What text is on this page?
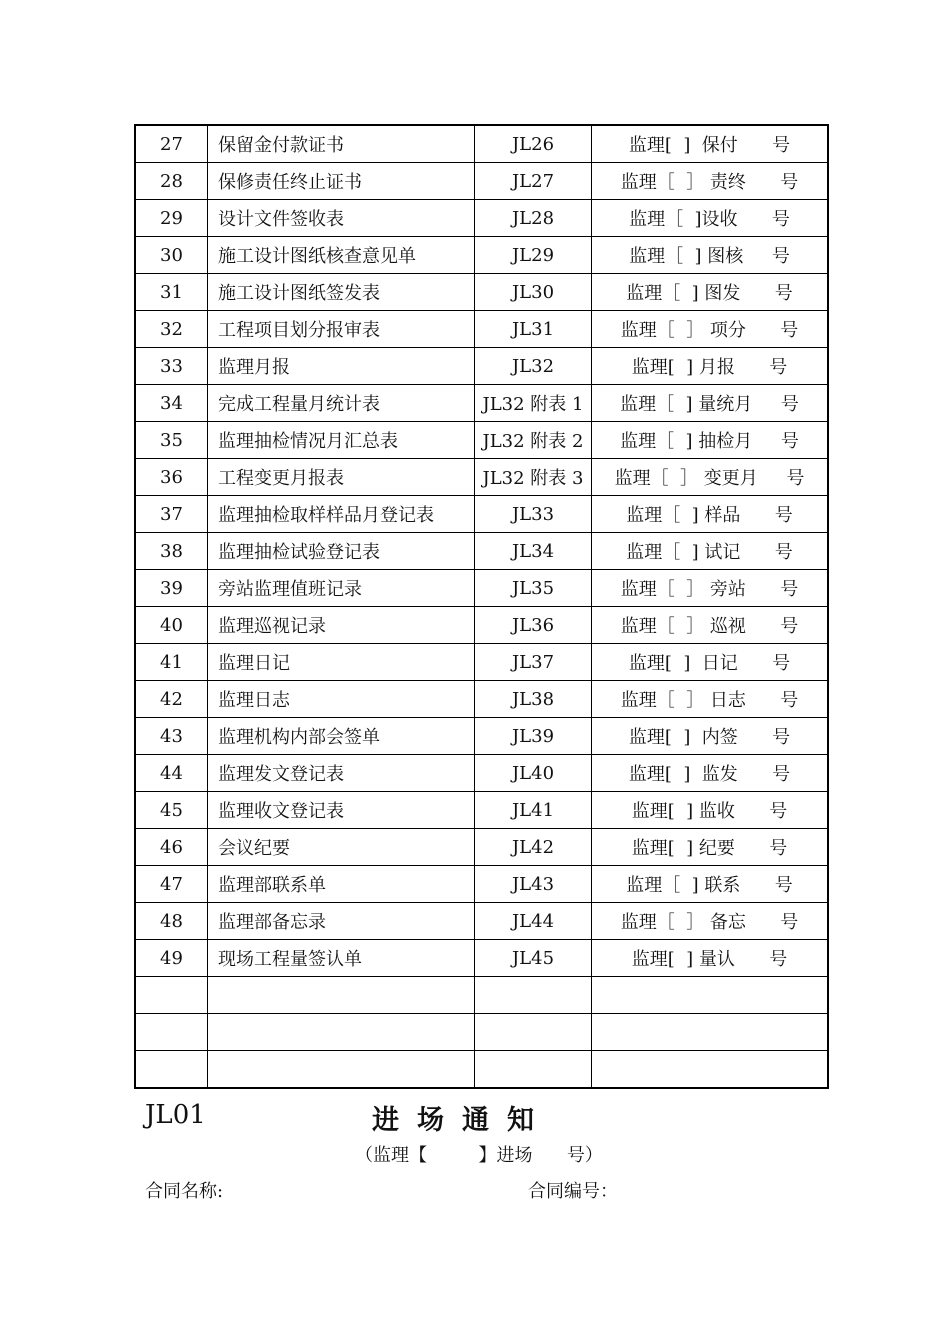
27	保留金付款证书	JL26	监理[  ]  保付      号
28	保修责任终止证书	JL27	监理［  ］ 责终      号
29	设计文件签收表	JL28	监理［  ]设收      号
30	施工设计图纸核查意见单	JL29	监理［  ] 图核     号
31	施工设计图纸签发表	JL30	监理［  ] 图发      号
32	工程项目划分报审表	JL31	监理［  ］ 项分      号
33	监理月报	JL32	监理[  ] 月报      号
34	完成工程量月统计表	JL32 附表 1	监理［  ] 量统月     号
35	监理抽检情况月汇总表	JL32 附表 2	监理［  ] 抽检月     号
36	工程变更月报表	JL32 附表 3	监理［  ］ 变更月     号
37	监理抽检取样样品月登记表	JL33	监理［  ] 样品      号
38	监理抽检试验登记表	JL34	监理［  ] 试记      号
39	旁站监理值班记录	JL35	监理［  ］ 旁站      号
40	监理巡视记录	JL36	监理［  ］ 巡视      号
41	监理日记	JL37	监理[  ]  日记      号
42	监理日志	JL38	监理［  ］ 日志      号
43	监理机构内部会签单	JL39	监理[  ]  内签      号
44	监理发文登记表	JL40	监理[  ]  监发      号
45	监理收文登记表	JL41	监理[  ] 监收      号
46	会议纪要	JL42	监理[  ] 纪要      号
47	监理部联系单	JL43	监理［  ] 联系      号
48	监理部备忘录	JL44	监理［  ］ 备忘      号
49	现场工程量签认单	JL45	监理[  ] 量认      号

JL01	进场通知
（监理【         】进场      号）
合同名称:	合同编号：
